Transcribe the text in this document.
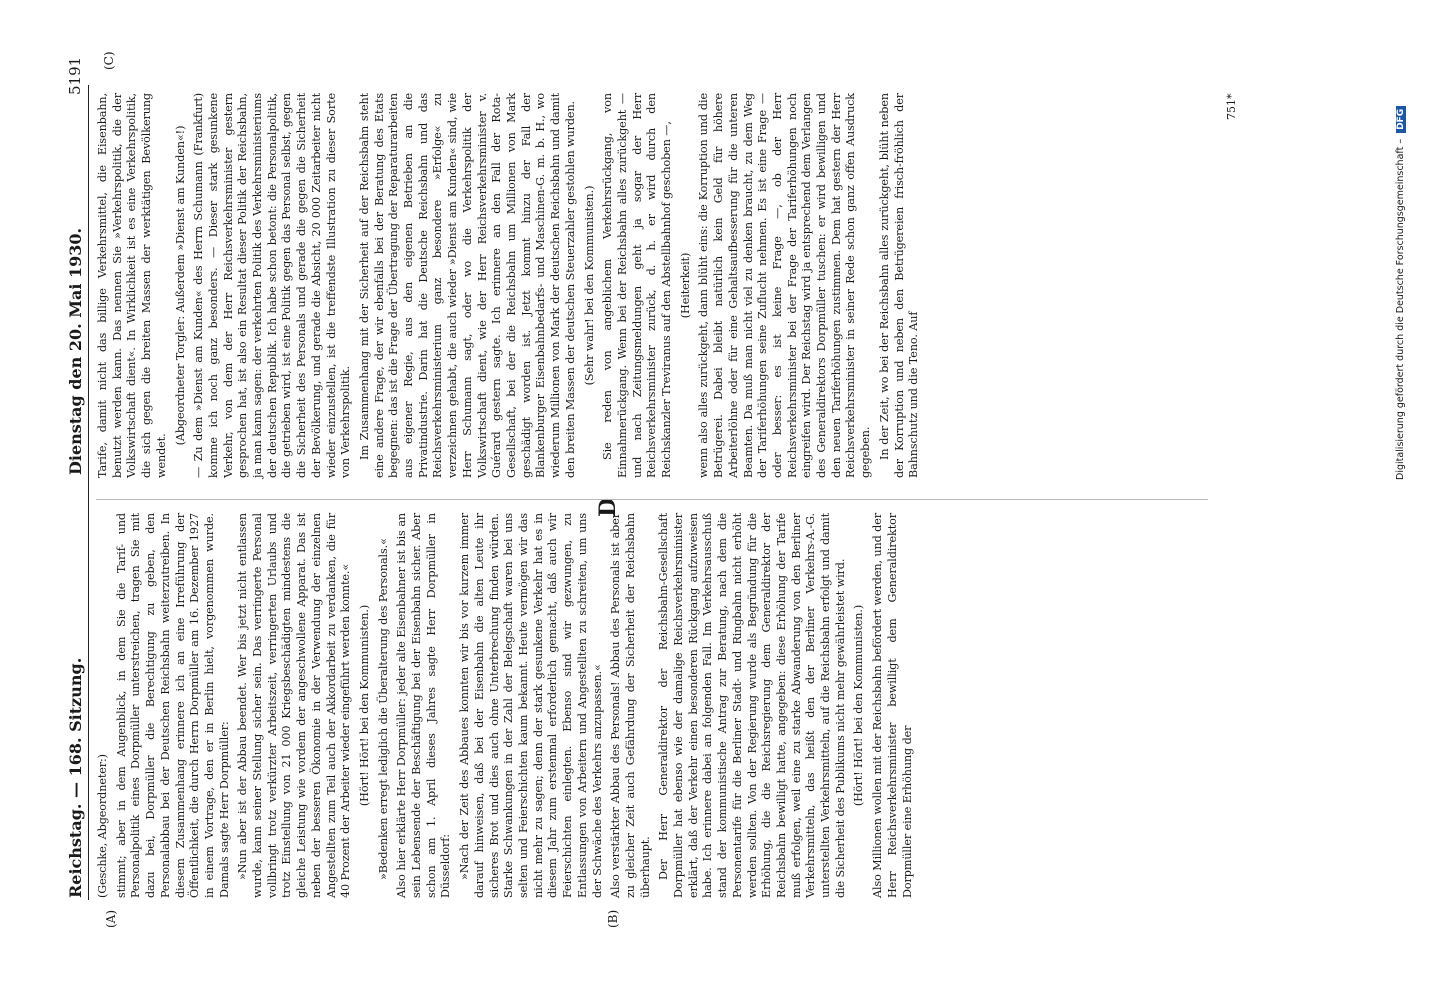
Reichstag. — 168. Sitzung.
Dienstag den 20. Mai 1930.
5191
(A)	(B)
(C)
D

(Geschke, Abgeordneter:) stimmt; aber in dem Augenblick, in dem Sie die Tarif- und Personalpolitik eines Dorpmüller unterstreichen, tragen Sie mit dazu bei, Dorpmüller die Berechtigung zu geben, den Personalabbau bei der Deutschen Reichsbahn weiterzutreiben. In diesem Zusammenhang erinnere ich an eine Irreführung der Öffentlichkeit, die durch Herrn Dorpmüller am 16. Dezember 1927 in einem Vortrage, den er in Berlin hielt, vorgenommen wurde. Damals sagte Herr Dorpmüller: »Nun aber ist der Abbau beendet. Wer bis jetzt nicht entlassen wurde, kann seiner Stellung sicher sein. Das verringerte Personal vollbringt trotz verkürzter Arbeitszeit, verringerten Urlaubs und trotz Einstellung von 21 000 Kriegsbeschädigten mindestens die gleiche Leistung wie vordem der angeschwollene Apparat. Das ist neben der besseren Ökonomie in der Verwendung der einzelnen Angestellten zum Teil auch der Akkordarbeit zu verdanken, die für 40 Prozent der Arbeiter wieder eingeführt werden konnte.« (Hört! Hört! bei den Kommunisten.) »Bedenken erregt lediglich die Überalterung des Personals.« Also hier erklärte Herr Dorpmüller: jeder alte Eisenbahner ist bis an sein Lebensende der Beschäftigung bei der Eisenbahn sicher. Aber schon am 1. April dieses Jahres sagte Herr Dorpmüller in Düsseldorf: »Nach der Zeit des Abbaues konnten wir bis vor kurzem immer darauf hinweisen, daß bei der Eisenbahn die alten Leute ihr sicheres Brot und dies auch ohne Unterbrechung finden würden. Starke Schwankungen in der Zahl der Belegschaft waren bei uns selten und Feierschichten kaum bekannt. Heute vermögen wir das nicht mehr zu sagen; denn der stark gesunkene Verkehr hat es in diesem Jahr zum erstenmal erforderlich gemacht, daß auch wir Feierschichten einlegten. Ebenso sind wir gezwungen, zu Entlassungen von Arbeitern und Angestellten zu schreiten, um uns der Schwäche des Verkehrs anzupassen.« Also verstärkter Abbau des Personals! Abbau des Personals ist aber zu gleicher Zeit auch Gefährdung der Sicherheit der Reichsbahn überhaupt. Der Herr Generaldirektor der Reichsbahn-Gesellschaft Dorpmüller hat ebenso wie der damalige Reichsverkehrsminister erklärt, daß der Verkehr einen besonderen Rückgang aufzuweisen habe. Ich erinnere dabei an folgenden Fall. Im Verkehrsausschuß stand der kommunistische Antrag zur Beratung, nach dem die Personentarife für die Berliner Stadt- und Ringbahn nicht erhöht werden sollten. Von der Regierung wurde als Begründung für die Erhöhung, die die Reichsregierung dem Generaldirektor der Reichsbahn bewilligt hatte, angegeben: diese Erhöhung der Tarife muß erfolgen, weil eine zu starke Abwanderung von den Berliner Verkehrsmitteln, das heißt den der Berliner Verkehrs-A.-G. unterstellten Verkehrsmitteln, auf die Reichsbahn erfolgt und damit die Sicherheit des Publikums nicht mehr gewährleistet wird. (Hört! Hört! bei den Kommunisten.) Also Millionen wollen mit der Reichsbahn befördert werden, und der Herr Reichsverkehrsminister bewilligt dem Generaldirektor Dorpmüller eine Erhöhung der

Tarife, damit nicht das billige Verkehrsmittel, die Eisenbahn, benutzt werden kann. Das nennen Sie »Verkehrspolitik, die der Volkswirtschaft dient«. In Wirklichkeit ist es eine Verkehrspolitik, die sich gegen die breiten Massen der werktätigen Bevölkerung wendet.

(Abgeordneter Torgler: Außerdem »Dienst am Kunden«!) — Zu dem »Dienst am Kunden« des Herrn Schumann (Frankfurt) komme ich noch ganz besonders. — Dieser stark gesunkene Verkehr, von dem der Herr Reichsverkehrsminister gestern gesprochen hat, ist also ein Resultat dieser Politik der Reichsbahn, ja man kann sagen: der verkehrten Politik des Verkehrsministeriums der deutschen Republik. Ich habe schon betont: die Personalpolitik, die getrieben wird, ist eine Politik gegen das Personal selbst, gegen die Sicherheit des Personals und gerade die gegen die Sicherheit der Bevölkerung, und gerade die Absicht, 20 000 Zeitarbeiter nicht wieder einzustellen, ist die treffendste Illustration zu dieser Sorte von Verkehrspolitik. Im Zusammenhang mit der Sicherheit auf der Reichsbahn steht eine andere Frage, der wir ebenfalls bei der Beratung des Etats begegnen: das ist die Frage der Übertragung der Reparaturarbeiten aus eigener Regie, aus den eigenen Betrieben an die Privatindustrie. Darin hat die Deutsche Reichsbahn und das Reichsverkehrsministerium ganz besondere »Erfolge« zu verzeichnen gehabt, die auch wieder »Dienst am Kunden« sind, wie Herr Schumann sagt, oder wo die Verkehrspolitik der Volkswirtschaft dient, wie der Herr Reichsverkehrsminister v. Guérard gestern sagte. Ich erinnere an den Fall der Rota-Gesellschaft, bei der die Reichsbahn um Millionen von Mark geschädigt worden ist. Jetzt kommt hinzu der Fall der Blankenburger Eisenbahnbedarfs- und Maschinen-G. m. b. H., wo wiederum Millionen von Mark der deutschen Reichsbahn und damit den breiten Massen der deutschen Steuerzahler gestohlen wurden. (Sehr wahr! bei den Kommunisten.) Sie reden von angeblichem Verkehrsrückgang, von Einnahmerückgang. Wenn bei der Reichsbahn alles zurückgeht — und nach Zeitungsmeldungen geht ja sogar der Herr Reichsverkehrsminister zurück, d. h. er wird durch den Reichskanzler Treviranus auf den Abstellbahnhof geschoben —, (Heiterkeit) wenn also alles zurückgeht, dann blüht eins: die Korruption und die Betrügerei. Dabei bleibt natürlich kein Geld für höhere Arbeiterlöhne oder für eine Gehaltsaufbesserung für die unteren Beamten. Da muß man nicht viel zu denken braucht, zu dem Weg der Tariferhöhungen seine Zuflucht nehmen. Es ist eine Frage — oder besser: es ist keine Frage —, ob der Herr Reichsverkehrsminister bei der Frage der Tariferhöhungen noch eingreifen wird. Der Reichstag wird ja entsprechend dem Verlangen des Generaldirektors Dorpmüller tuschen: er wird bewilligen und den neuen Tariferhöhungen zustimmen. Dem hat gestern der Herr Reichsverkehrsminister in seiner Rede schon ganz offen Ausdruck gegeben. In der Zeit, wo bei der Reichsbahn alles zurückgeht, blüht neben der Korruption und neben den Betrügereien frisch-fröhlich der Bahnschutz und die Teno. Auf

751*
Digitalisierung gefördert durch die Deutsche Forschungsgemeinschaft –DFG
